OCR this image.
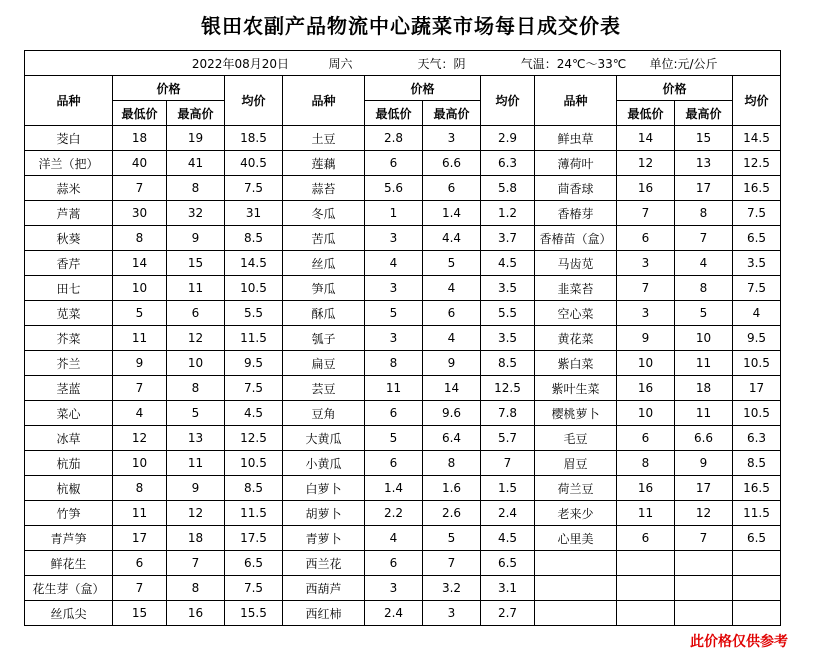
银田农副产品物流中心蔬菜市场每日成交价表
2022年08月20日 周六 天气：阴 气温：24℃～33℃ 单位:元/公斤											
品种	价格		均价	品种	价格		均价	品种	价格		均价
	最低价	最高价			最低价	最高价			最低价	最高价	
茭白	18	19	18.5	土豆	2.8	3	2.9	鲜虫草	14	15	14.5
洋兰（把）	40	41	40.5	莲藕	6	6.6	6.3	薄荷叶	12	13	12.5
蒜米	7	8	7.5	蒜苔	5.6	6	5.8	茴香球	16	17	16.5
芦蒿	30	32	31	冬瓜	1	1.4	1.2	香椿芽	7	8	7.5
秋葵	8	9	8.5	苦瓜	3	4.4	3.7	香椿苗（盒）	6	7	6.5
香芹	14	15	14.5	丝瓜	4	5	4.5	马齿苋	3	4	3.5
田七	10	11	10.5	笋瓜	3	4	3.5	韭菜苔	7	8	7.5
苋菜	5	6	5.5	酥瓜	5	6	5.5	空心菜	3	5	4
芥菜	11	12	11.5	瓠子	3	4	3.5	黄花菜	9	10	9.5
芥兰	9	10	9.5	扁豆	8	9	8.5	紫白菜	10	11	10.5
茎蓝	7	8	7.5	芸豆	11	14	12.5	紫叶生菜	16	18	17
菜心	4	5	4.5	豆角	6	9.6	7.8	樱桃萝卜	10	11	10.5
冰草	12	13	12.5	大黄瓜	5	6.4	5.7	毛豆	6	6.6	6.3
杭茄	10	11	10.5	小黄瓜	6	8	7	眉豆	8	9	8.5
杭椒	8	9	8.5	白萝卜	1.4	1.6	1.5	荷兰豆	16	17	16.5
竹笋	11	12	11.5	胡萝卜	2.2	2.6	2.4	老来少	11	12	11.5
青芦笋	17	18	17.5	青萝卜	4	5	4.5	心里美	6	7	6.5
鲜花生	6	7	6.5	西兰花	6	7	6.5				
花生芽（盒）	7	8	7.5	西葫芦	3	3.2	3.1				
丝瓜尖	15	16	15.5	西红柿	2.4	3	2.7				
此价格仅供参考
